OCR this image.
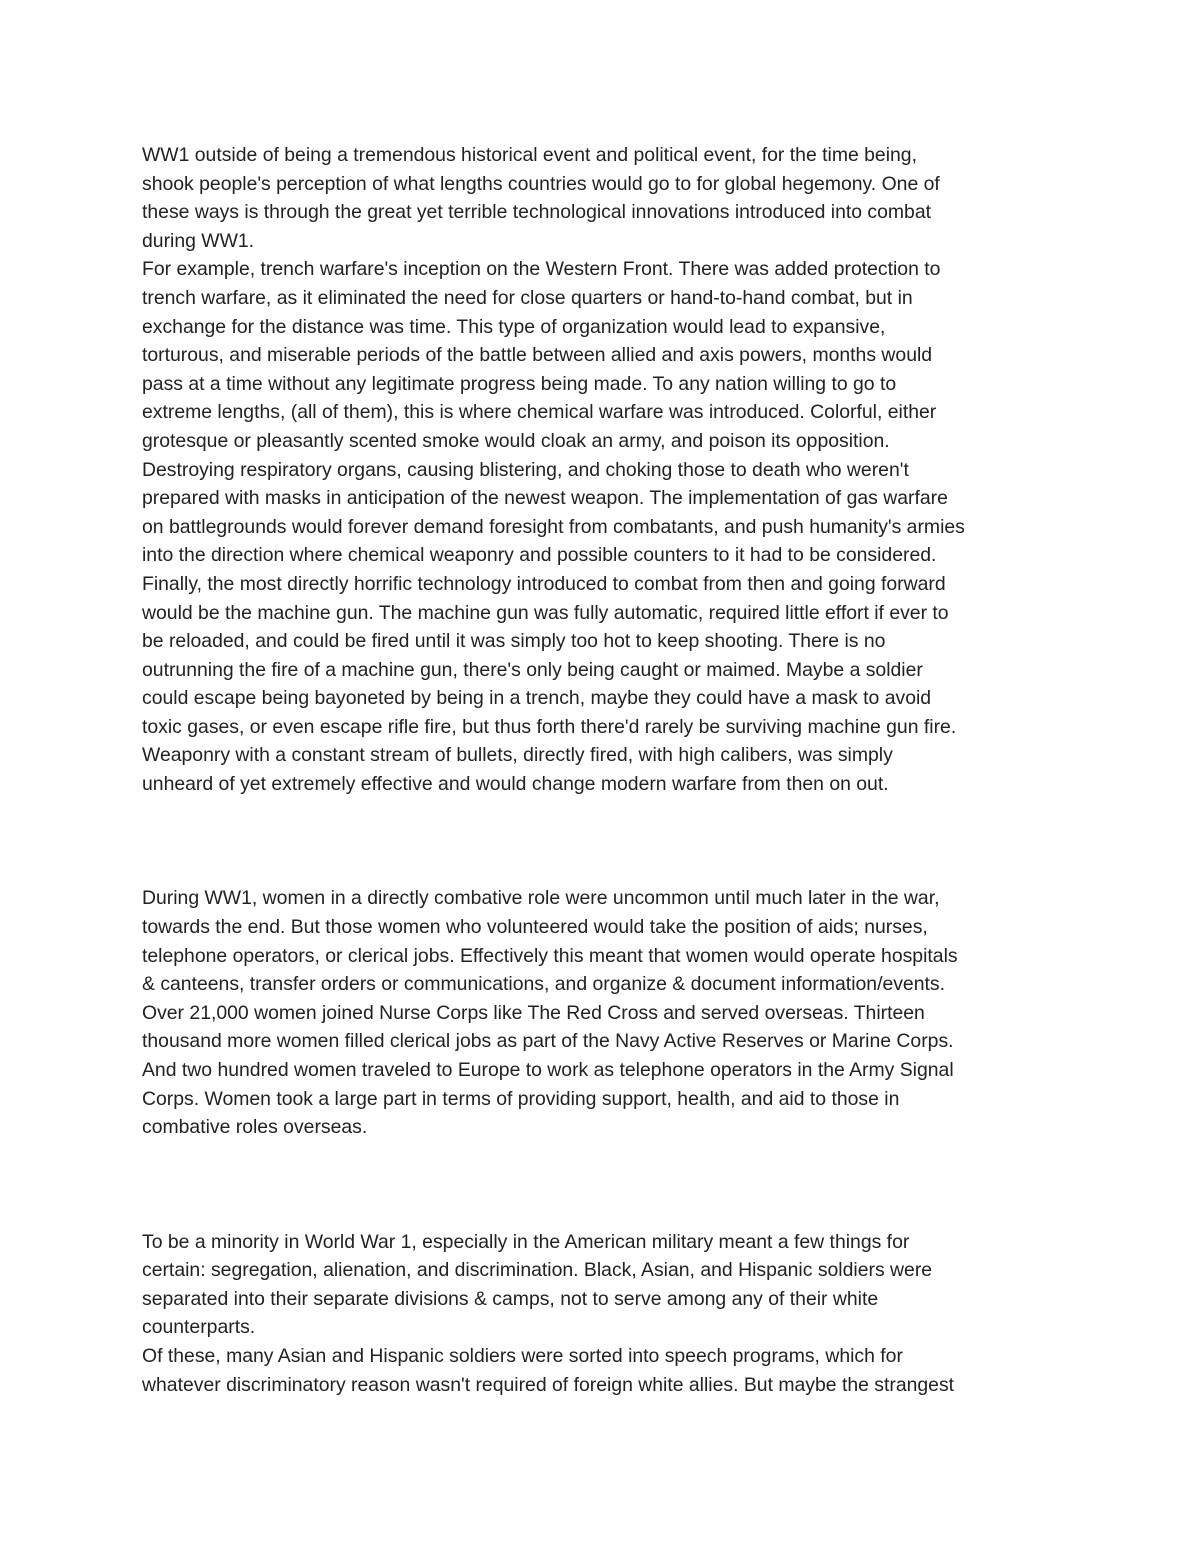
WW1 outside of being a tremendous historical event and political event, for the time being,
shook people's perception of what lengths countries would go to for global hegemony. One of
these ways is through the great yet terrible technological innovations introduced into combat
during WW1.
For example, trench warfare's inception on the Western Front. There was added protection to
trench warfare, as it eliminated the need for close quarters or hand-to-hand combat, but in
exchange for the distance was time. This type of organization would lead to expansive,
torturous, and miserable periods of the battle between allied and axis powers, months would
pass at a time without any legitimate progress being made. To any nation willing to go to
extreme lengths, (all of them), this is where chemical warfare was introduced. Colorful, either
grotesque or pleasantly scented smoke would cloak an army, and poison its opposition.
Destroying respiratory organs, causing blistering, and choking those to death who weren't
prepared with masks in anticipation of the newest weapon. The implementation of gas warfare
on battlegrounds would forever demand foresight from combatants, and push humanity's armies
into the direction where chemical weaponry and possible counters to it had to be considered.
Finally, the most directly horrific technology introduced to combat from then and going forward
would be the machine gun. The machine gun was fully automatic, required little effort if ever to
be reloaded, and could be fired until it was simply too hot to keep shooting. There is no
outrunning the fire of a machine gun, there's only being caught or maimed. Maybe a soldier
could escape being bayoneted by being in a trench, maybe they could have a mask to avoid
toxic gases, or even escape rifle fire, but thus forth there'd rarely be surviving machine gun fire.
Weaponry with a constant stream of bullets, directly fired, with high calibers, was simply
unheard of yet extremely effective and would change modern warfare from then on out.
During WW1, women in a directly combative role were uncommon until much later in the war,
towards the end. But those women who volunteered would take the position of aids; nurses,
telephone operators, or clerical jobs. Effectively this meant that women would operate hospitals
& canteens, transfer orders or communications, and organize & document information/events.
Over 21,000 women joined Nurse Corps like The Red Cross and served overseas. Thirteen
thousand more women filled clerical jobs as part of the Navy Active Reserves or Marine Corps.
And two hundred women traveled to Europe to work as telephone operators in the Army Signal
Corps. Women took a large part in terms of providing support, health, and aid to those in
combative roles overseas.
To be a minority in World War 1, especially in the American military meant a few things for
certain: segregation, alienation, and discrimination. Black, Asian, and Hispanic soldiers were
separated into their separate divisions & camps, not to serve among any of their white
counterparts.
Of these, many Asian and Hispanic soldiers were sorted into speech programs, which for
whatever discriminatory reason wasn't required of foreign white allies. But maybe the strangest
